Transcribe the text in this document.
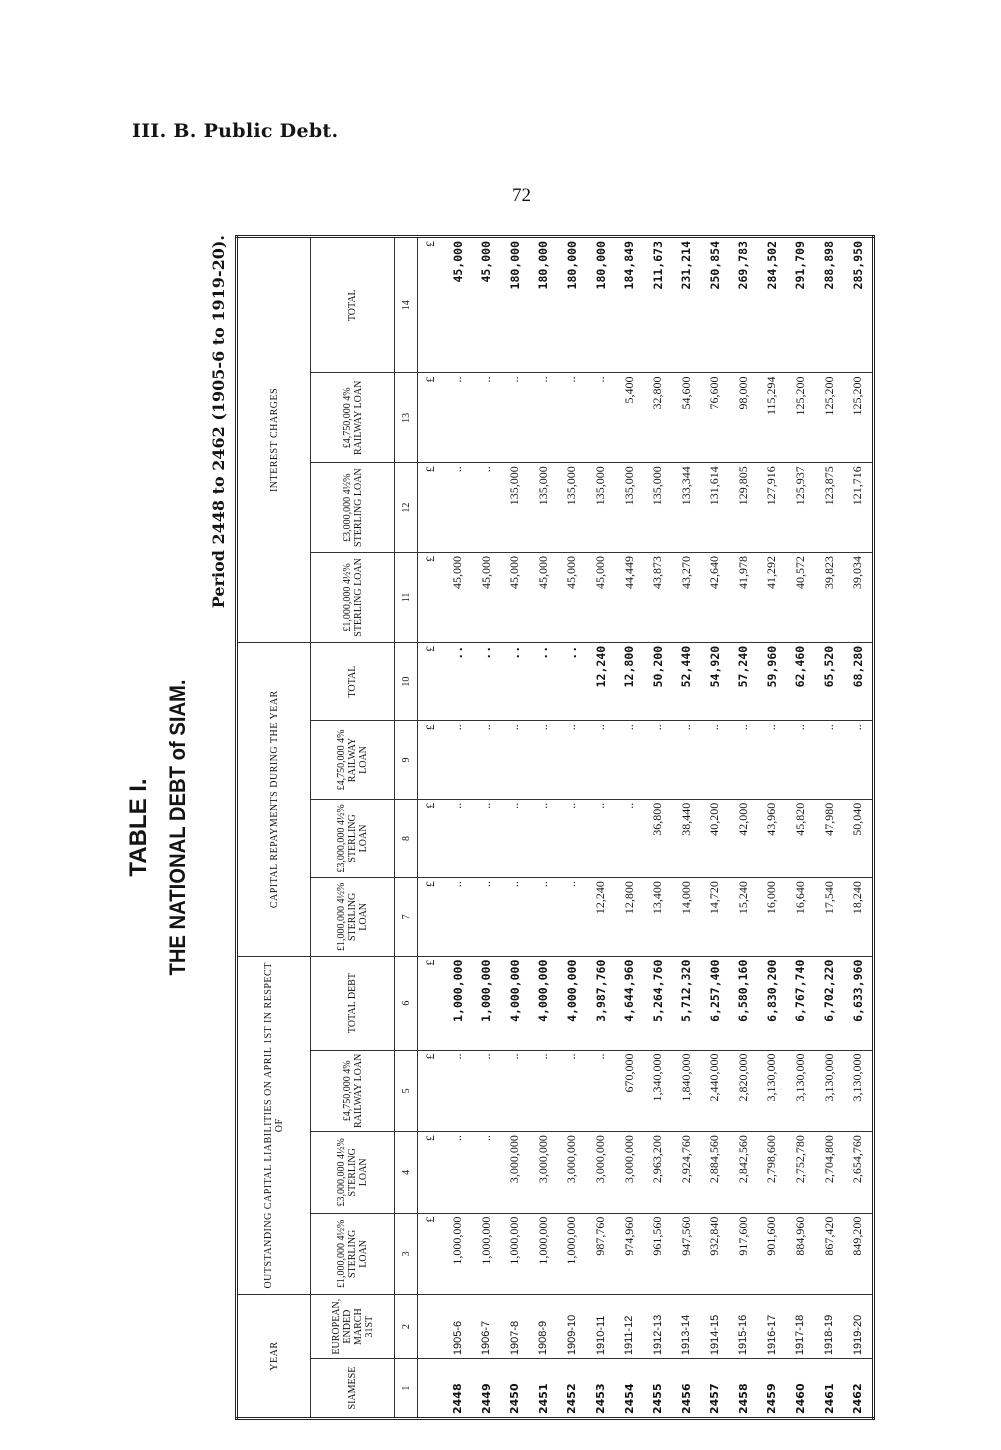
III. B. Public Debt.
72
TABLE I. THE NATIONAL DEBT of SIAM.
Period 2448 to 2462 (1905-6 to 1919-20).
YEAR		OUTSTANDING CAPITAL LIABILITIES ON APRIL 1ST IN RESPECT OF				CAPITAL REPAYMENTS DURING THE YEAR				INTEREST CHARGES			
SIAMESE	EUROPEAN, ENDED MARCH 31ST	£1,000,000 4½% STERLING LOAN	£3,000,000 4½% STERLING LOAN	£4,750,000 4% RAILWAY LOAN	TOTAL DEBT	£1,000,000 4½% STERLING LOAN	£3,000,000 4½% STERLING LOAN	£4,750,000 4% RAILWAY LOAN	TOTAL	£1,000,000 4½% STERLING LOAN	£3,000,000 4½% STERLING LOAN	£4,750,000 4% RAILWAY LOAN	TOTAL
1	2	3	4	5	6	7	8	9	10	11	12	13	14
		£	£	£	£	£	£	£	£	£	£	£	£
2448	1905-6	1,000,000	..	..	1,000,000	..	..	..	..	45,000	..	..	45,000
2449	1906-7	1,000,000	..	..	1,000,000	..	..	..	..	45,000	..	..	45,000
2450	1907-8	1,000,000	3,000,000	..	4,000,000	..	..	..	..	45,000	135,000	..	180,000
2451	1908-9	1,000,000	3,000,000	..	4,000,000	..	..	..	..	45,000	135,000	..	180,000
2452	1909-10	1,000,000	3,000,000	..	4,000,000	..	..	..	..	45,000	135,000	..	180,000
2453	1910-11	987,760	3,000,000	..	3,987,760	12,240	..	..	12,240	45,000	135,000	..	180,000
2454	1911-12	974,960	3,000,000	670,000	4,644,960	12,800	..	..	12,800	44,449	135,000	5,400	184,849
2455	1912-13	961,560	2,963,200	1,340,000	5,264,760	13,400	36,800	..	50,200	43,873	135,000	32,800	211,673
2456	1913-14	947,560	2,924,760	1,840,000	5,712,320	14,000	38,440	..	52,440	43,270	133,344	54,600	231,214
2457	1914-15	932,840	2,884,560	2,440,000	6,257,400	14,720	40,200	..	54,920	42,640	131,614	76,600	250,854
2458	1915-16	917,600	2,842,560	2,820,000	6,580,160	15,240	42,000	..	57,240	41,978	129,805	98,000	269,783
2459	1916-17	901,600	2,798,600	3,130,000	6,830,200	16,000	43,960	..	59,960	41,292	127,916	115,294	284,502
2460	1917-18	884,960	2,752,780	3,130,000	6,767,740	16,640	45,820	..	62,460	40,572	125,937	125,200	291,709
2461	1918-19	867,420	2,704,800	3,130,000	6,702,220	17,540	47,980	..	65,520	39,823	123,875	125,200	288,898
2462	1919-20	849,200	2,654,760	3,130,000	6,633,960	18,240	50,040	..	68,280	39,034	121,716	125,200	285,950
